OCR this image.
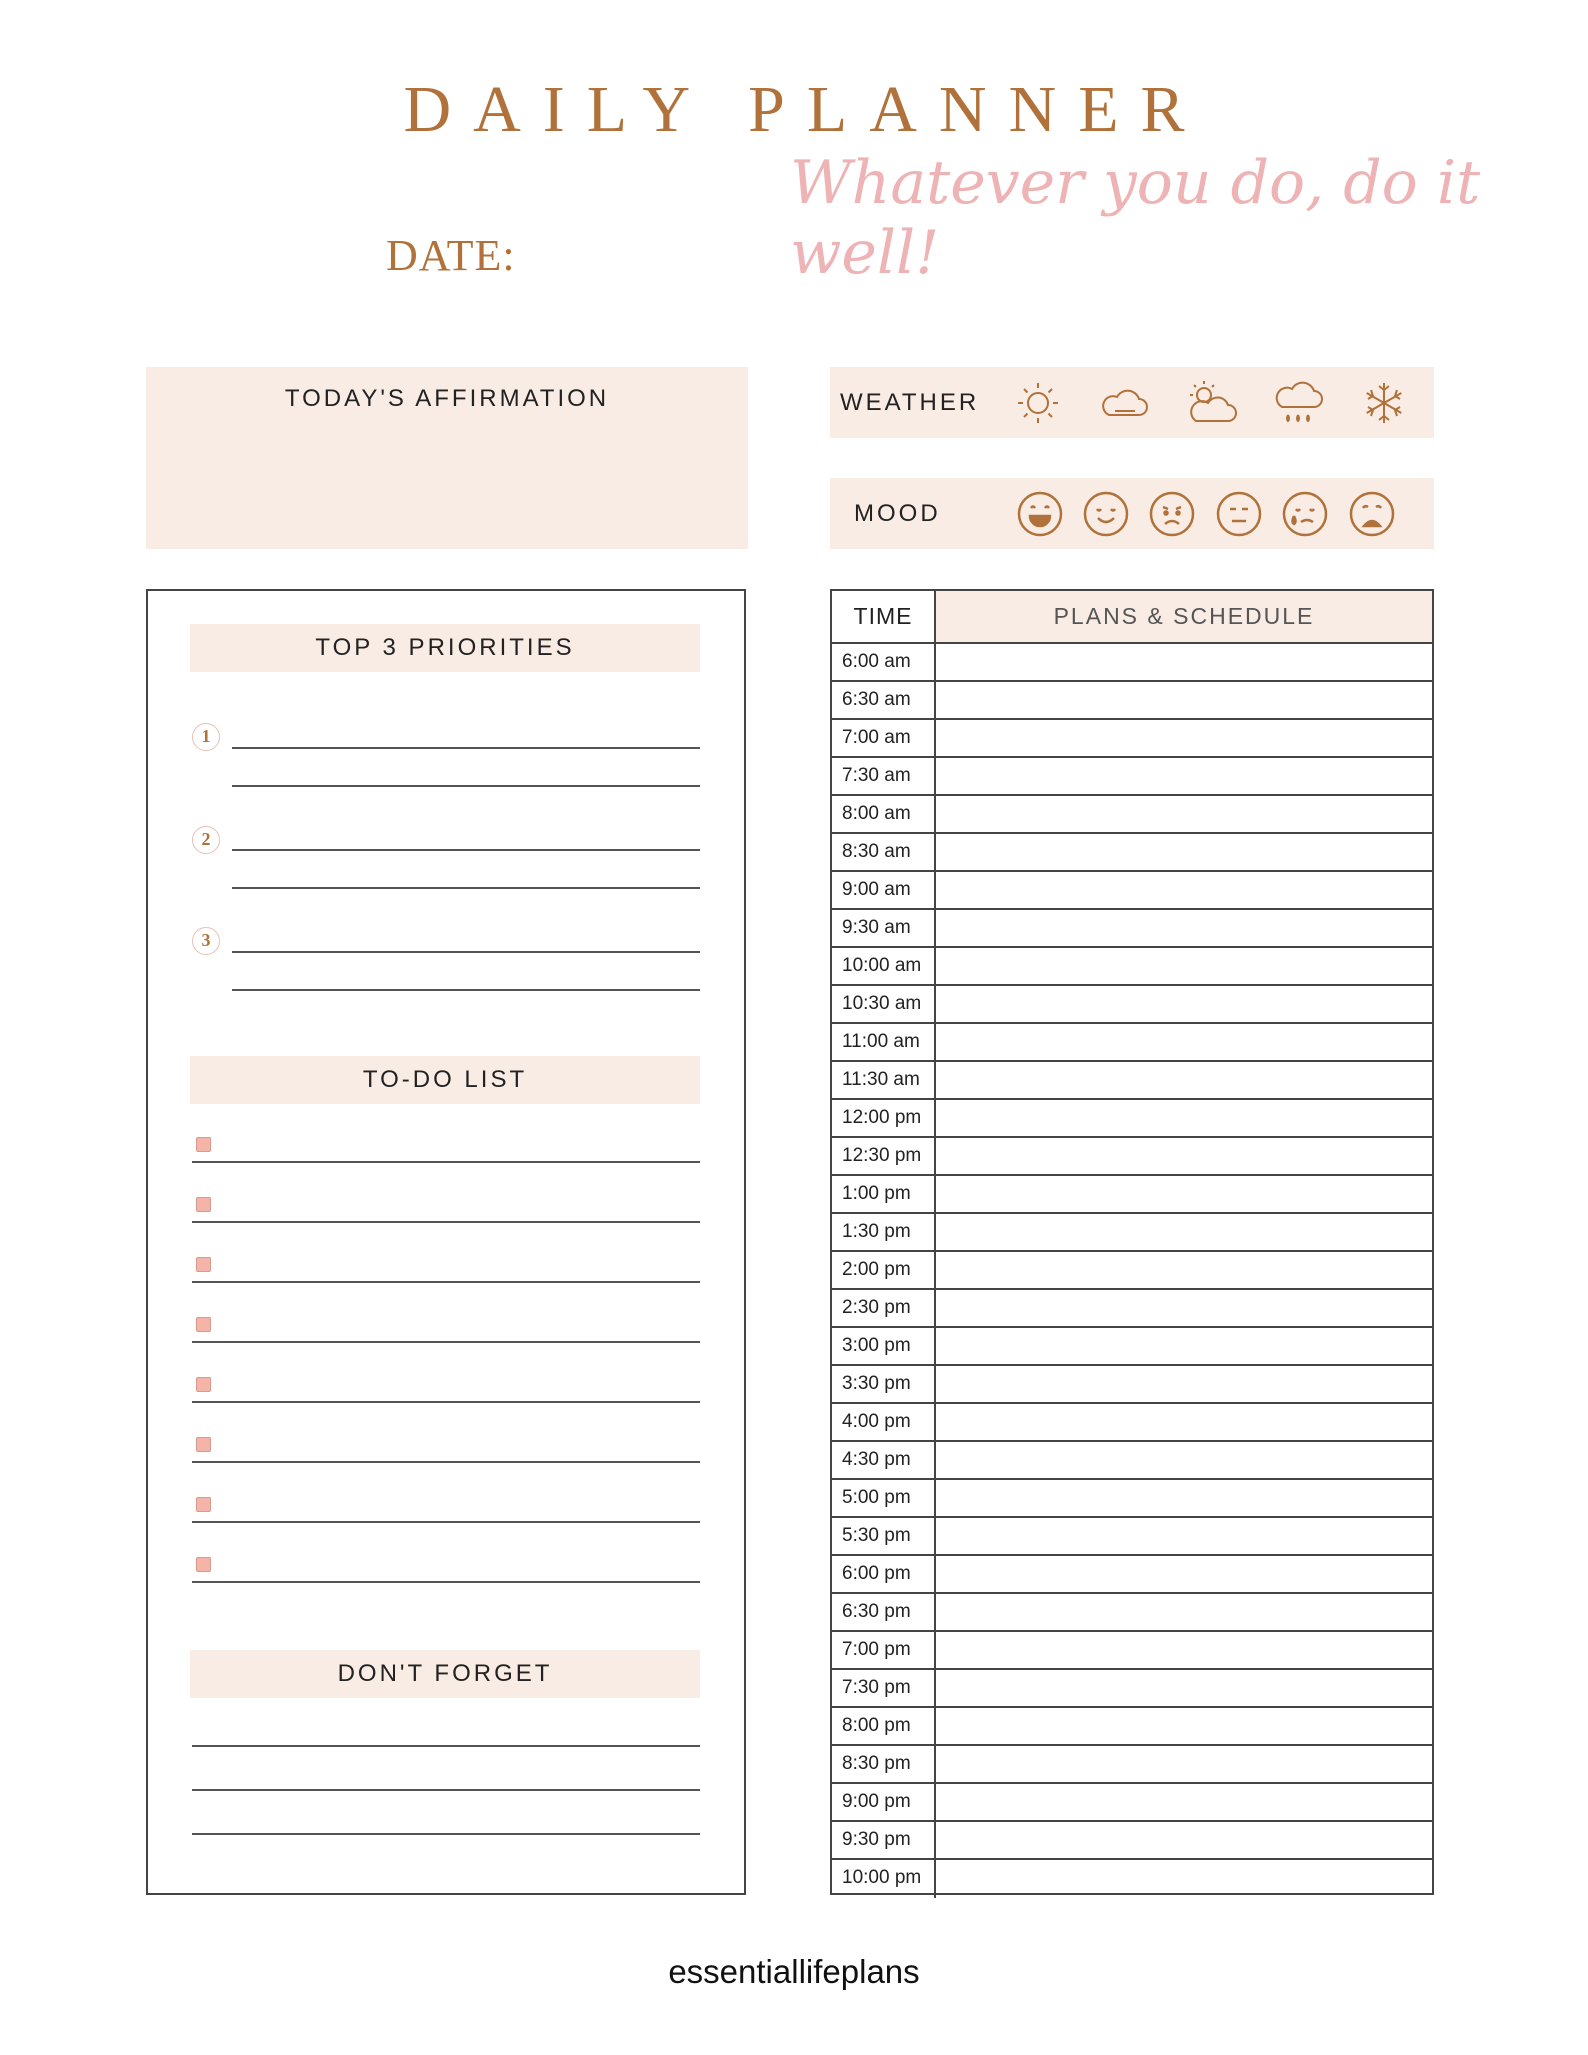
DAILY PLANNER
Whatever you do, do it well!
DATE:
TODAY'S AFFIRMATION	WEATHER
MOOD
TOP 3 PRIORITIES
1
2
3
TO-DO LIST
DON'T FORGET
TIME	PLANS & SCHEDULE
6:00 am
6:30 am
7:00 am
7:30 am
8:00 am
8:30 am
9:00 am
9:30 am
10:00 am
10:30 am
11:00 am
11:30 am
12:00 pm
12:30 pm
1:00 pm
1:30 pm
2:00 pm
2:30 pm
3:00 pm
3:30 pm
4:00 pm
4:30 pm
5:00 pm
5:30 pm
6:00 pm
6:30 pm
7:00 pm
7:30 pm
8:00 pm
8:30 pm
9:00 pm
9:30 pm
10:00 pm
essentiallifeplans
